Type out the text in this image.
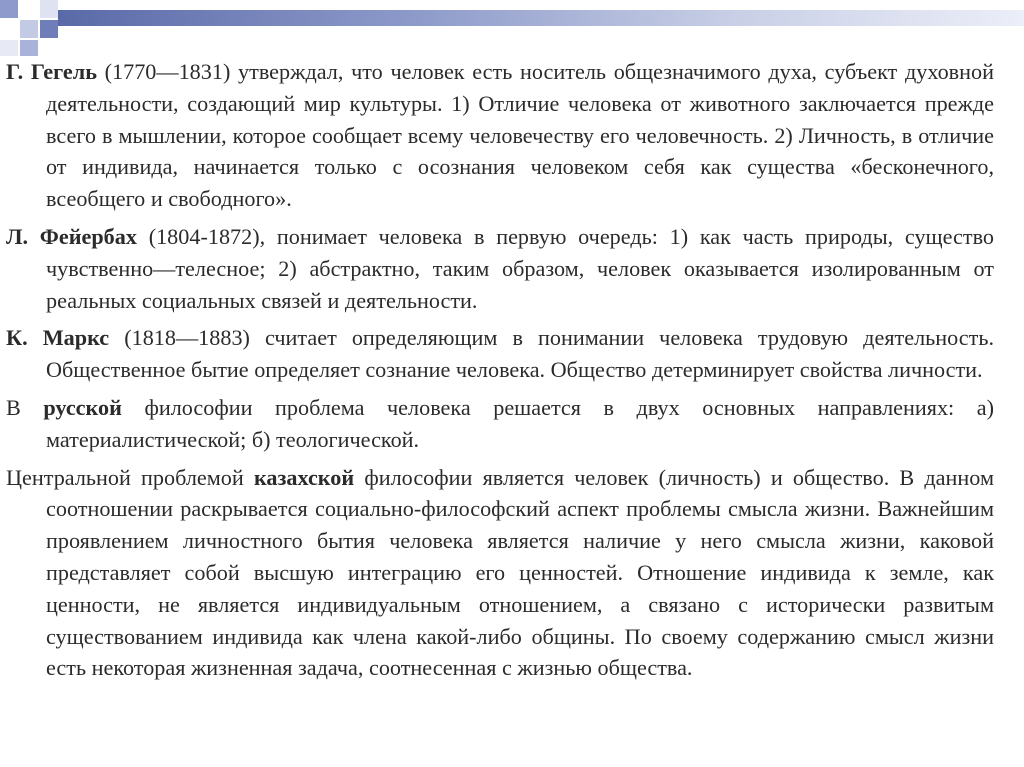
Г. Гегель (1770—1831) утверждал, что человек есть носитель общезначимого духа, субъект духовной деятельности, создающий мир культуры. 1) Отличие человека от животного заключается прежде всего в мышлении, которое сообщает всему человечеству его человечность. 2) Личность, в отличие от индивида, начинается только с осознания человеком себя как существа «бесконечного, всеобщего и свободного».

Л. Фейербах (1804-1872), понимает человека в первую очередь: 1) как часть природы, существо чувственно—телесное; 2) абстрактно, таким образом, человек оказывается изолированным от реальных социальных связей и деятельности.

К. Маркс (1818—1883) считает определяющим в понимании человека трудовую деятельность. Общественное бытие определяет сознание человека. Общество детерминирует свойства личности.

В русской философии проблема человека решается в двух основных направлениях: а) материалистической; б) теологической.

Центральной проблемой казахской философии является человек (личность) и общество. В данном соотношении раскрывается социально-философский аспект проблемы смысла жизни. Важнейшим проявлением личностного бытия человека является наличие у него смысла жизни, каковой представляет собой высшую интеграцию его ценностей. Отношение индивида к земле, как ценности, не является индивидуальным отношением, а связано с исторически развитым существованием индивида как члена какой-либо общины. По своему содержанию смысл жизни есть некоторая жизненная задача, соотнесенная с жизнью общества.
